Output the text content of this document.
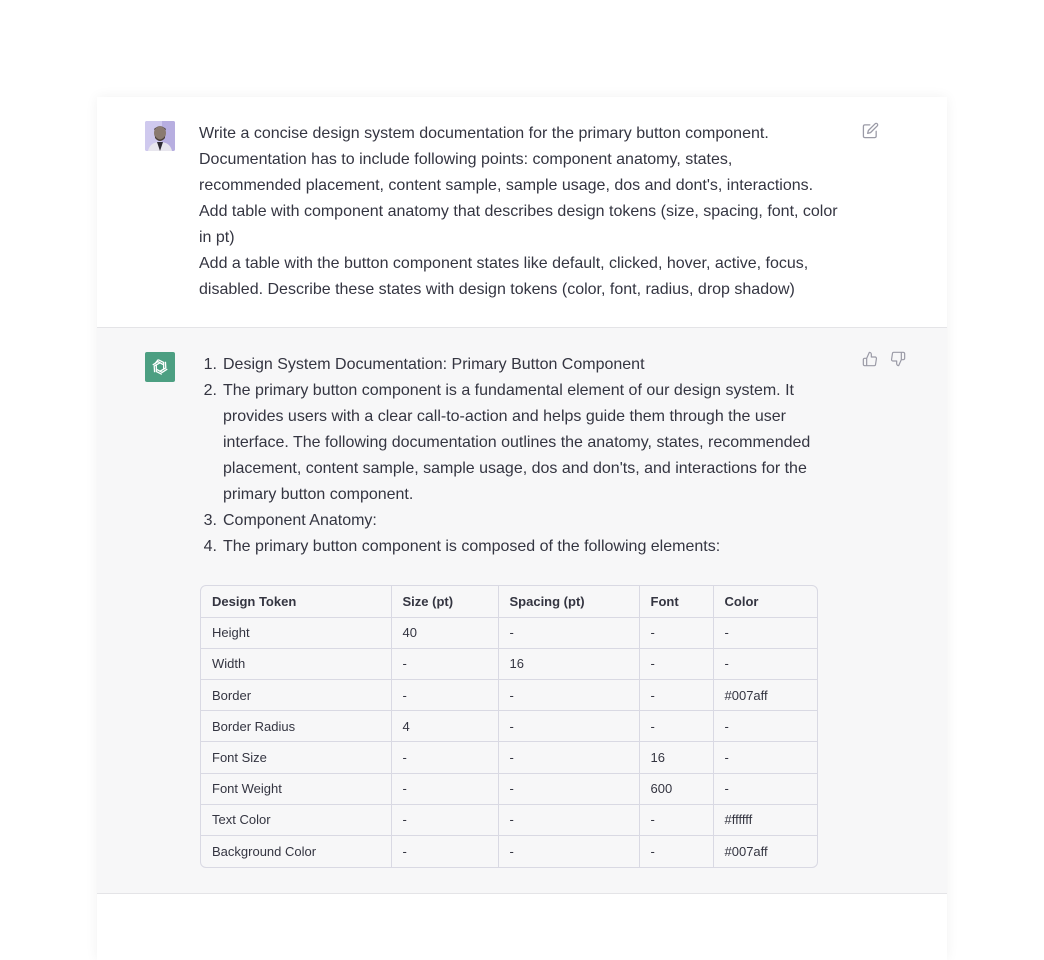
Write a concise design system documentation for the primary button component.

Documentation has to include following points: component anatomy, states, recommended placement, content sample, sample usage, dos and dont's, interactions.

Add table with component anatomy that describes design tokens (size, spacing, font, color in pt)

Add a table with the button component states like default, clicked, hover, active, focus, disabled. Describe these states with design tokens (color, font, radius, drop shadow)

1. Design System Documentation: Primary Button Component
2. The primary button component is a fundamental element of our design system. It provides users with a clear call-to-action and helps guide them through the user interface. The following documentation outlines the anatomy, states, recommended placement, content sample, sample usage, dos and don'ts, and interactions for the primary button component.
3. Component Anatomy:
4. The primary button component is composed of the following elements:
Design Token	Size (pt)	Spacing (pt)	Font	Color
Height	40	-	-	-
Width	-	16	-	-
Border	-	-	-	#007aff
Border Radius	4	-	-	-
Font Size	-	-	16	-
Font Weight	-	-	600	-
Text Color	-	-	-	#ffffff
Background Color	-	-	-	#007aff
